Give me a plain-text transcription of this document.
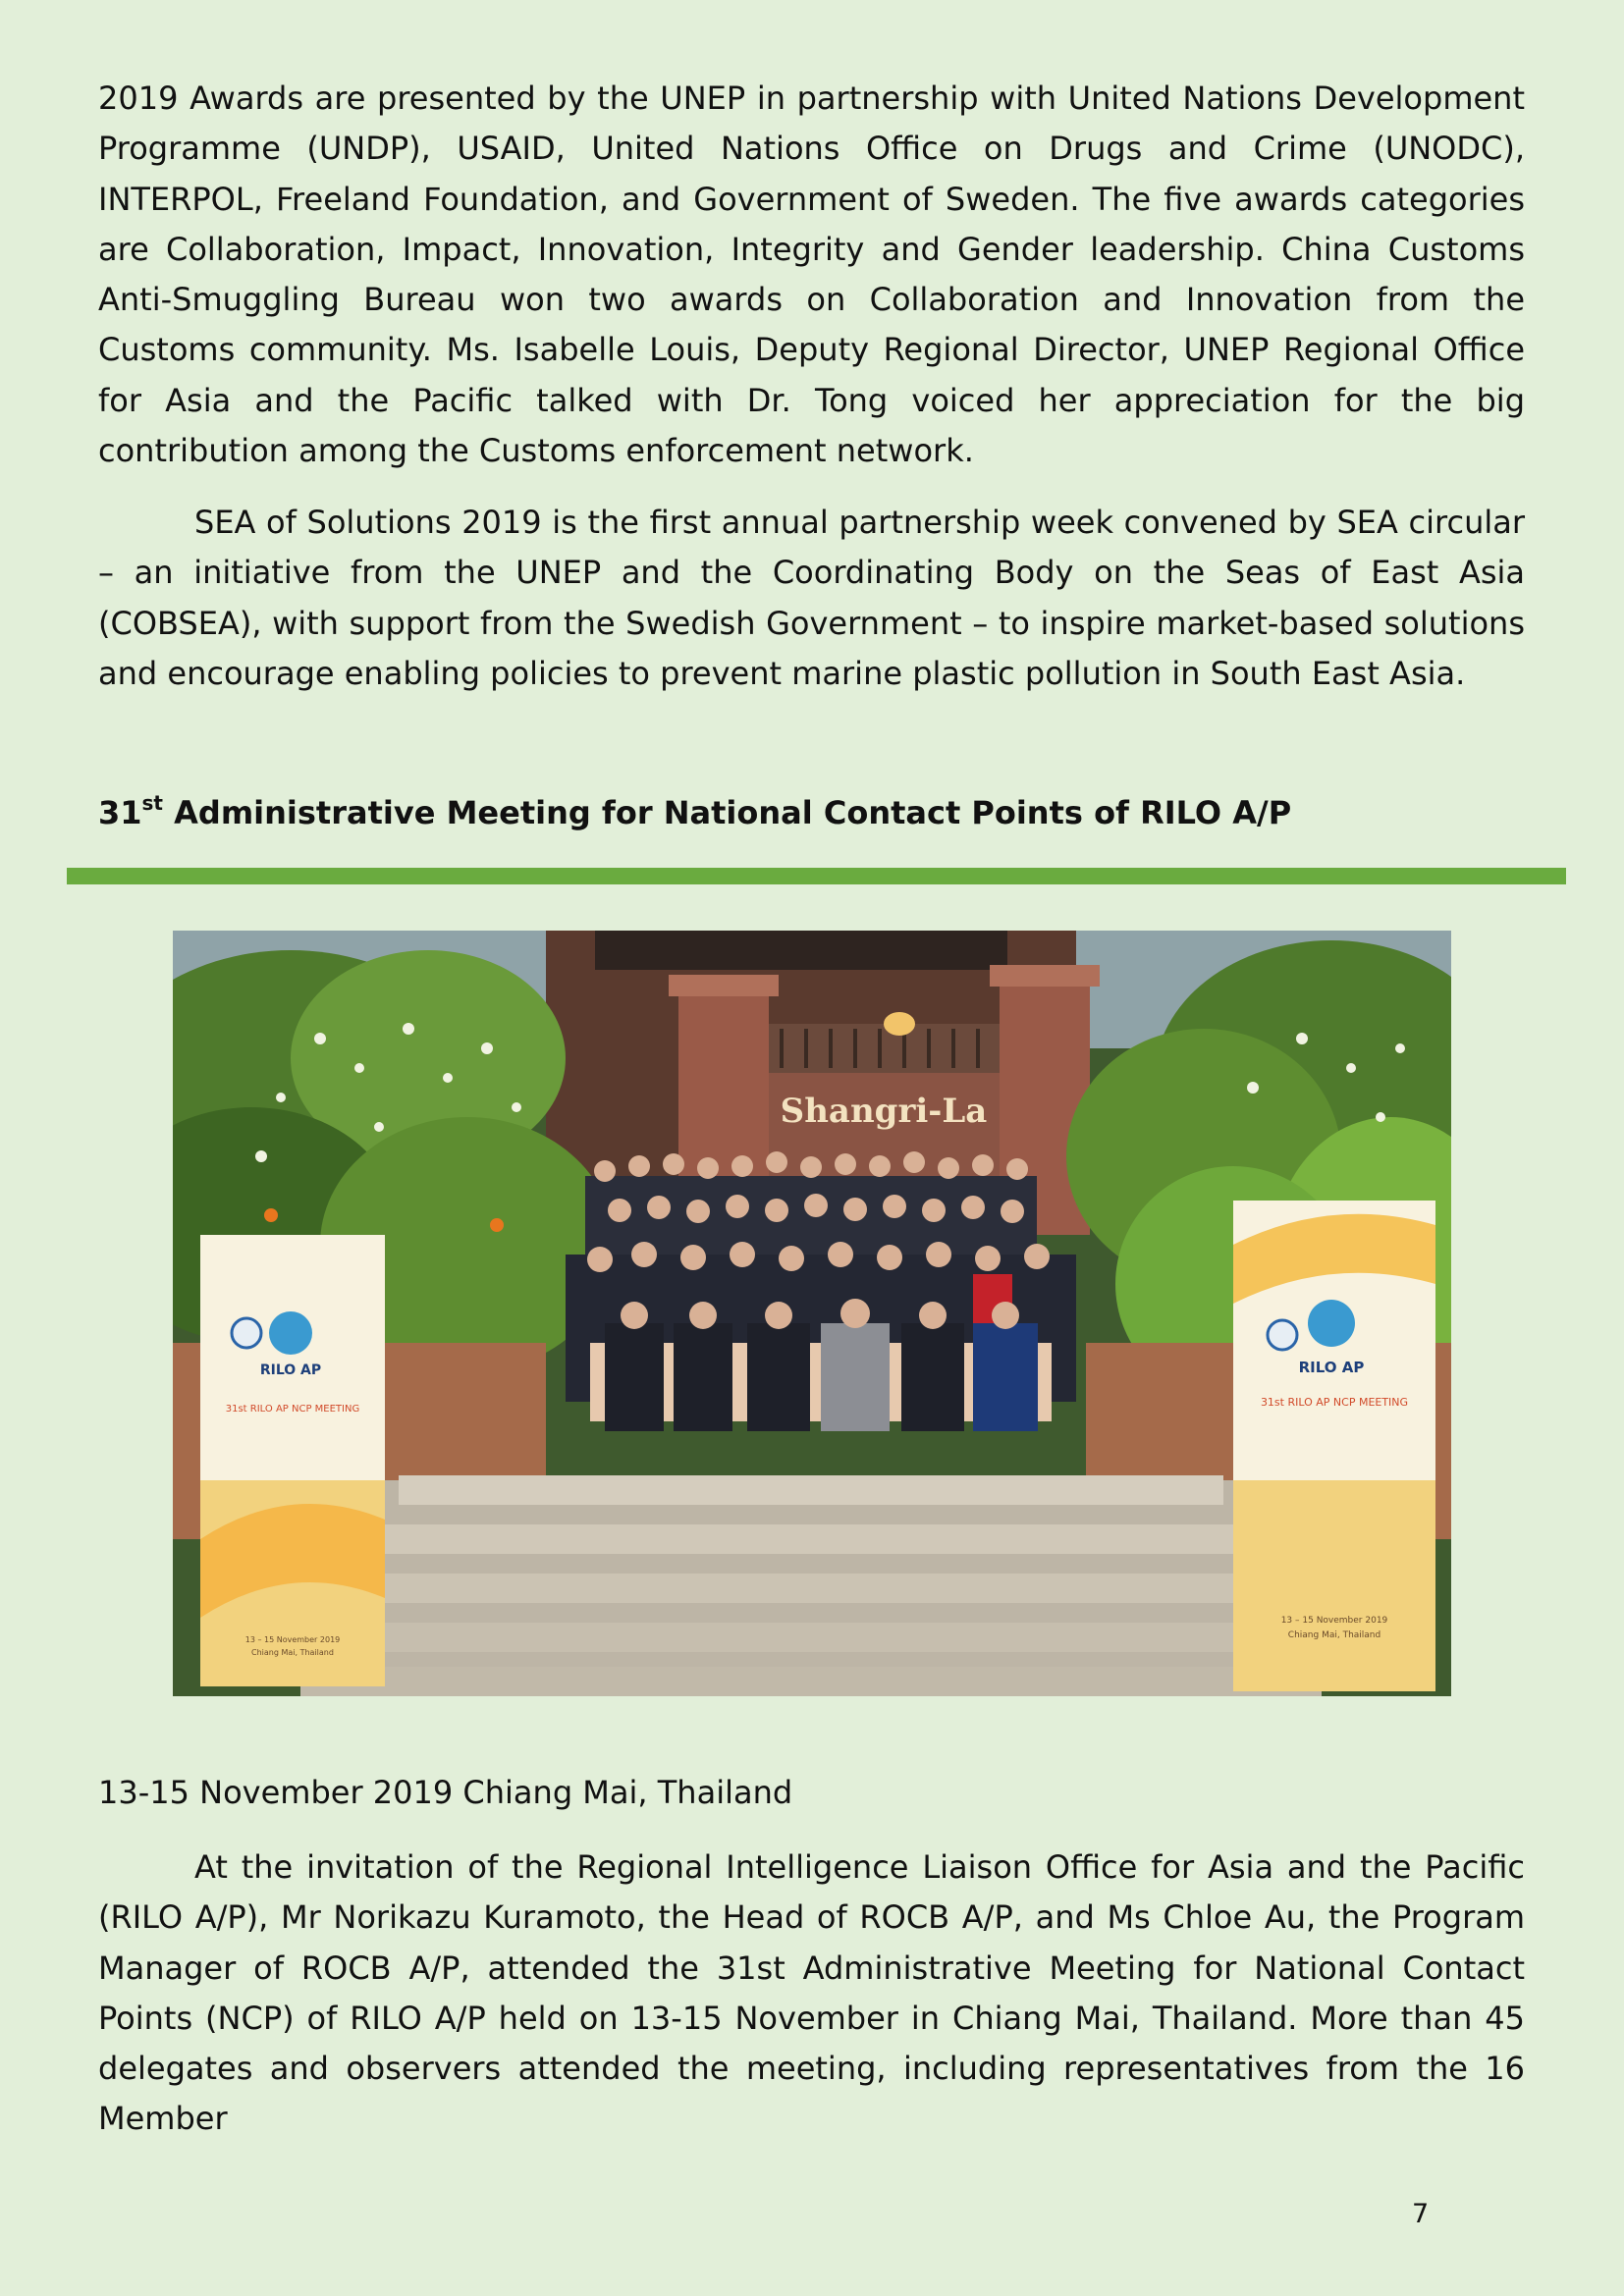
2019 Awards are presented by the UNEP in partnership with United Nations Development Programme (UNDP), USAID, United Nations Office on Drugs and Crime (UNODC), INTERPOL, Freeland Foundation, and Government of Sweden. The five awards categories are Collaboration, Impact, Innovation, Integrity and Gender leadership. China Customs Anti-Smuggling Bureau won two awards on Collaboration and Innovation from the Customs community. Ms. Isabelle Louis, Deputy Regional Director, UNEP Regional Office for Asia and the Pacific talked with Dr. Tong voiced her appreciation for the big contribution among the Customs enforcement network.

SEA of Solutions 2019 is the first annual partnership week convened by SEA circular – an initiative from the UNEP and the Coordinating Body on the Seas of East Asia (COBSEA), with support from the Swedish Government – to inspire market-based solutions and encourage enabling policies to prevent marine plastic pollution in South East Asia.

31st Administrative Meeting for National Contact Points of RILO A/P
Shangri-La
RILO AP
31st RILO AP NCP MEETING
13 – 15 November 2019
Chiang Mai, Thailand
RILO AP
31st RILO AP NCP MEETING
13 – 15 November 2019
Chiang Mai, Thailand

13-15 November 2019 Chiang Mai, Thailand

At the invitation of the Regional Intelligence Liaison Office for Asia and the Pacific (RILO A/P), Mr Norikazu Kuramoto, the Head of ROCB A/P, and Ms Chloe Au, the Program Manager of ROCB A/P, attended the 31st Administrative Meeting for National Contact Points (NCP) of RILO A/P held on 13-15 November in Chiang Mai, Thailand. More than 45 delegates and observers attended the meeting, including representatives from the 16 Member

7
